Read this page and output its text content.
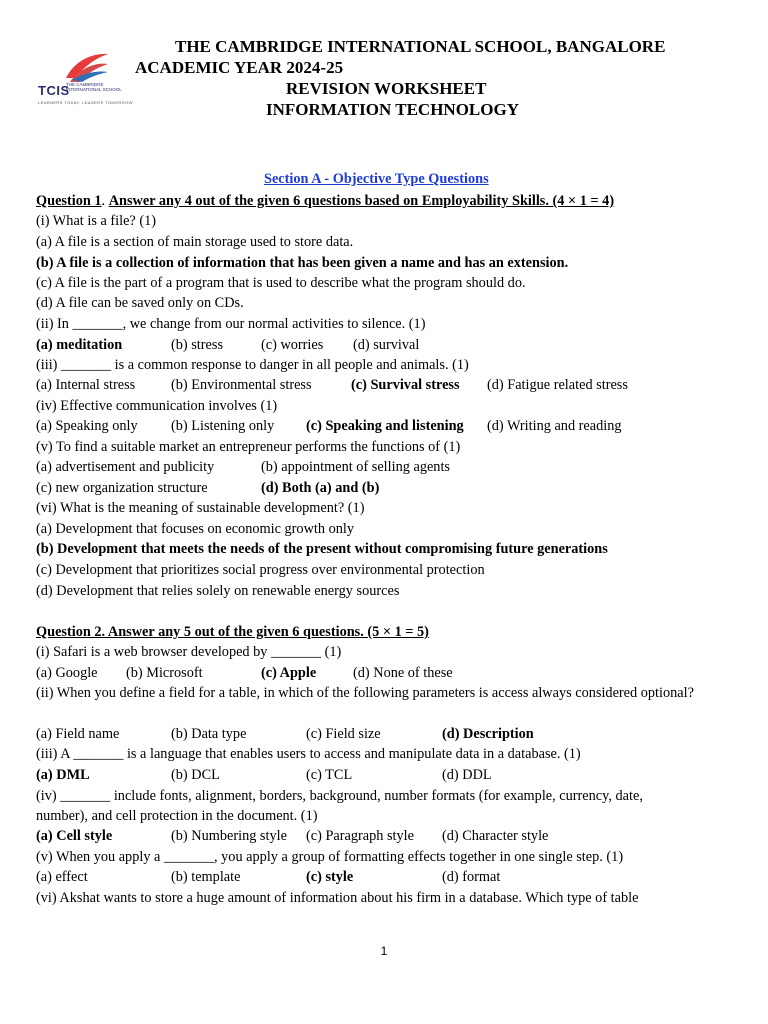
TCIS
THE CAMBRIDGE
INTERNATIONAL SCHOOL
LEARNERS TODAY, LEADERS TOMORROW
THE CAMBRIDGE INTERNATIONAL SCHOOL, BANGALORE
ACADEMIC YEAR 2024-25
REVISION WORKSHEET
INFORMATION TECHNOLOGY
Section A - Objective Type Questions
Question 1. Answer any 4 out of the given 6 questions based on Employability Skills. (4 × 1 = 4)
(i) What is a file? (1)
(a) A file is a section of main storage used to store data.
(b) A file is a collection of information that has been given a name and has an extension.
(c) A file is the part of a program that is used to describe what the program should do.
(d) A file can be saved only on CDs.
(ii) In _______, we change from our normal activities to silence. (1)
(a) meditation	(b) stress	(c) worries (d) survival
(iii) _______ is a common response to danger in all people and animals. (1)
(a) Internal stress	(b) Environmental stress	(c) Survival stress (d) Fatigue related stress
(iv) Effective communication involves (1)
(a) Speaking only (b) Listening only (c) Speaking and listening (d) Writing and reading
(v) To find a suitable market an entrepreneur performs the functions of (1)
(a) advertisement and publicity	(b) appointment of selling agents
(c) new organization structure	(d) Both (a) and (b)
(vi) What is the meaning of sustainable development? (1)
(a) Development that focuses on economic growth only
(b) Development that meets the needs of the present without compromising future generations
(c) Development that prioritizes social progress over environmental protection
(d) Development that relies solely on renewable energy sources
Question 2. Answer any 5 out of the given 6 questions. (5 × 1 = 5)
(i) Safari is a web browser developed by _______ (1)
(a) Google (b) Microsoft	(c) Apple	(d) None of these
(ii) When you define a field for a table, in which of the following parameters is access always considered optional?
(a) Field name	(b) Data type	(c) Field size	(d) Description
(iii) A _______ is a language that enables users to access and manipulate data in a database. (1)
(a) DML	(b) DCL	(c) TCL	(d) DDL
(iv) _______ include fonts, alignment, borders, background, number formats (for example, currency, date,
number), and cell protection in the document. (1)
(a) Cell style	(b) Numbering style (c) Paragraph style (d) Character style
(v) When you apply a _______, you apply a group of formatting effects together in one single step. (1)
(a) effect	(b) template	(c) style	(d) format
(vi) Akshat wants to store a huge amount of information about his firm in a database. Which type of table
1
